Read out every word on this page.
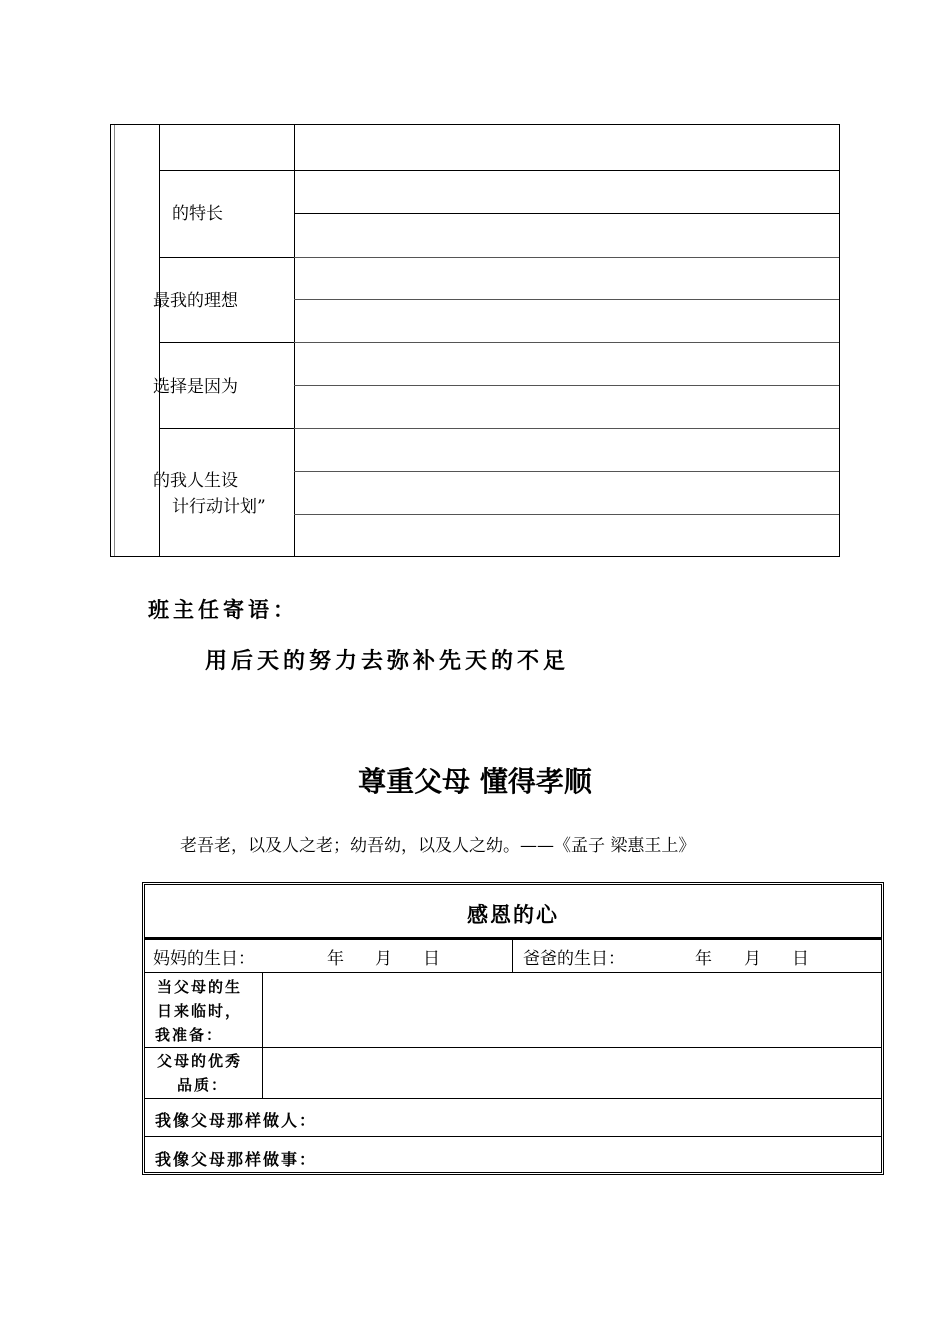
的特长
最我的理想
选择是因为
的我人生设
计行动计划”
班主任寄语：
用后天的努力去弥补先天的不足
尊重父母 懂得孝顺
老吾老，以及人之老；幼吾幼，以及人之幼。——《孟子 梁惠王上》
感恩的心
妈妈的生日：	年 月 日	爸爸的生日：	年 月 日
当父母的生
日来临时，
我准备：
父母的优秀
品质：
我像父母那样做人：
我像父母那样做事：
